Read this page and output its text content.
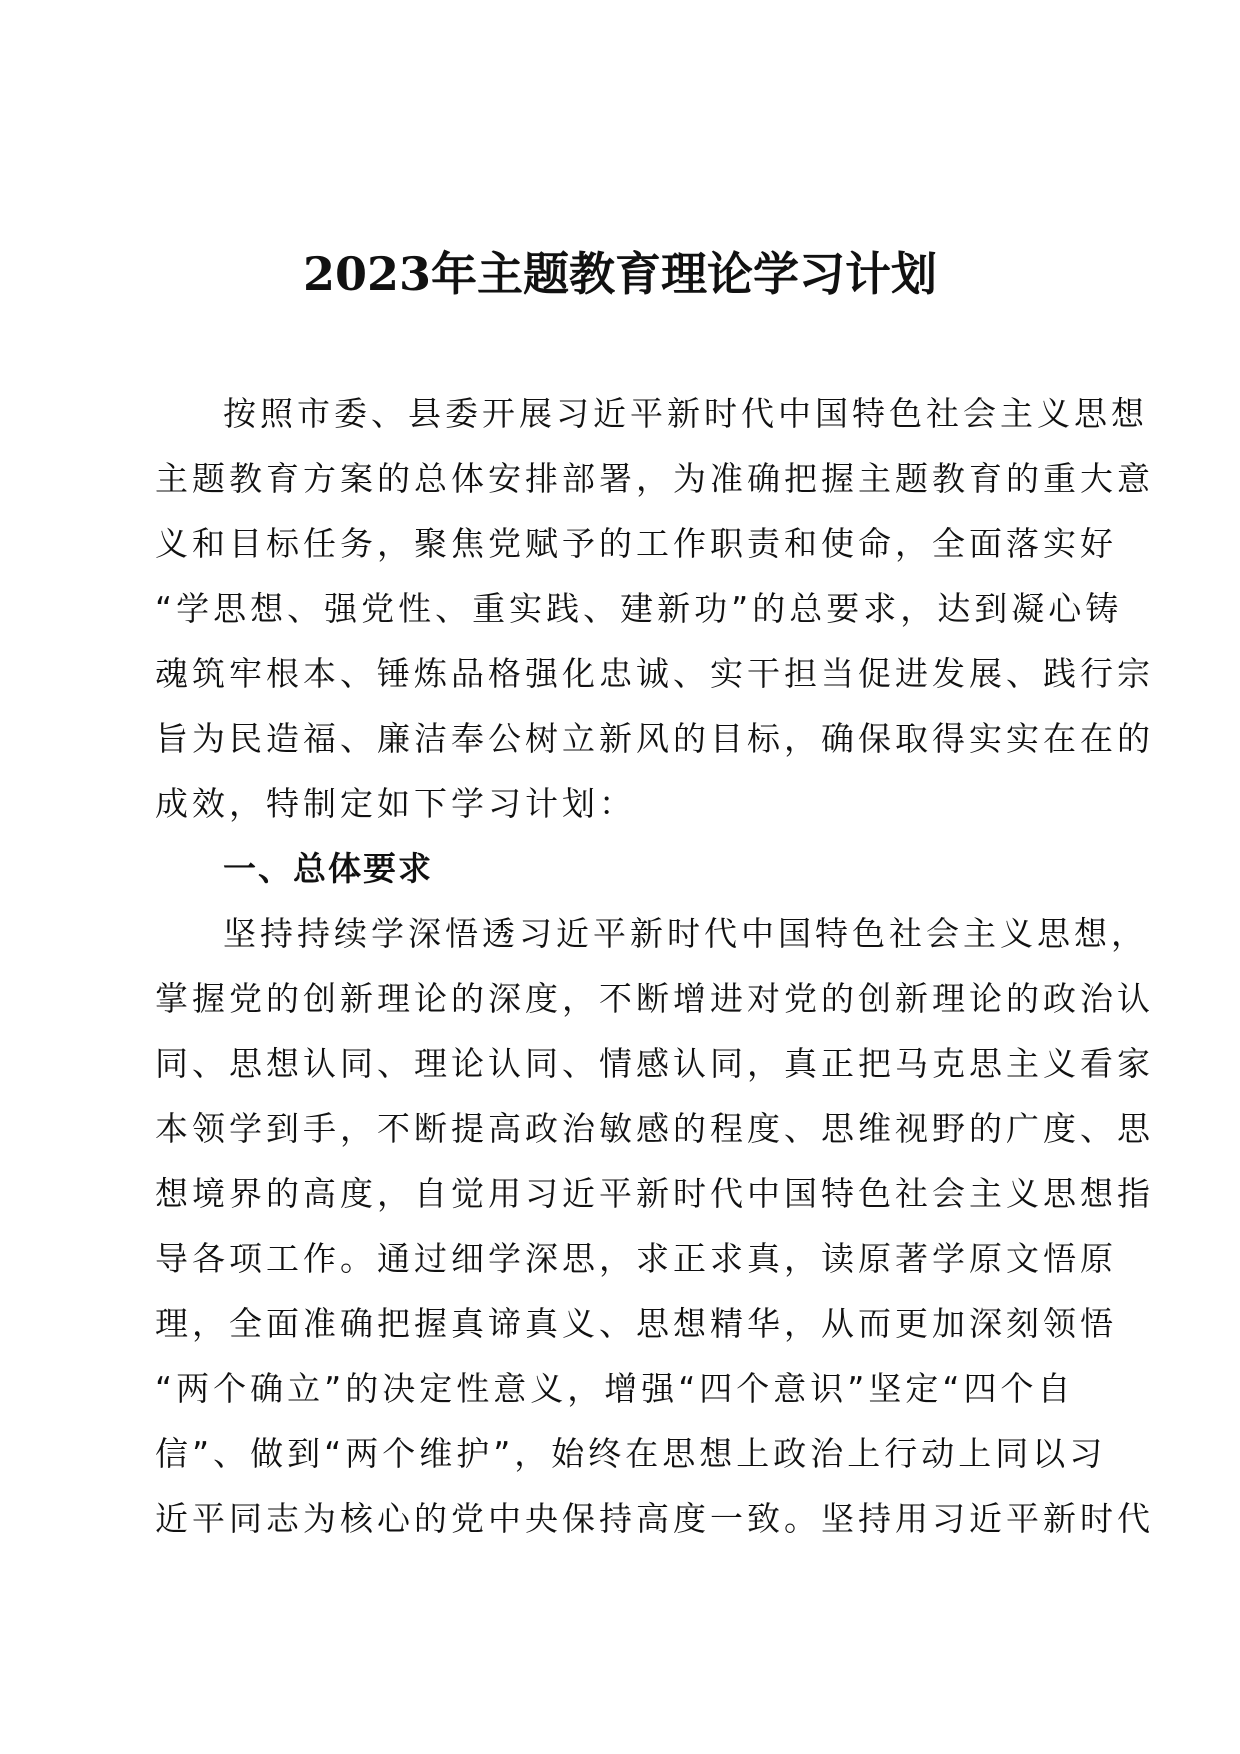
2023年主题教育理论学习计划
按照市委、县委开展习近平新时代中国特色社会主义思想
主题教育方案的总体安排部署，为准确把握主题教育的重大意
义和目标任务，聚焦党赋予的工作职责和使命，全面落实好
“学思想、强党性、重实践、建新功”的总要求，达到凝心铸
魂筑牢根本、锤炼品格强化忠诚、实干担当促进发展、践行宗
旨为民造福、廉洁奉公树立新风的目标，确保取得实实在在的
成效，特制定如下学习计划：
一、总体要求
坚持持续学深悟透习近平新时代中国特色社会主义思想，
掌握党的创新理论的深度，不断增进对党的创新理论的政治认
同、思想认同、理论认同、情感认同，真正把马克思主义看家
本领学到手，不断提高政治敏感的程度、思维视野的广度、思
想境界的高度，自觉用习近平新时代中国特色社会主义思想指
导各项工作。通过细学深思，求正求真，读原著学原文悟原
理，全面准确把握真谛真义、思想精华，从而更加深刻领悟
“两个确立”的决定性意义，增强“四个意识”坚定“四个自
信”、做到“两个维护”，始终在思想上政治上行动上同以习
近平同志为核心的党中央保持高度一致。坚持用习近平新时代
